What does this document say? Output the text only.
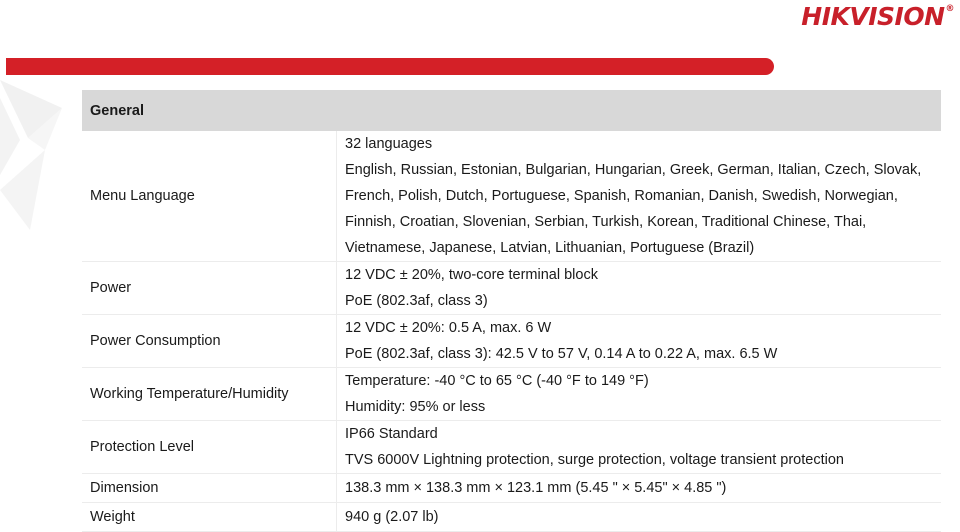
HIKVISION®
General	
Menu Language	32 languages
English, Russian, Estonian, Bulgarian, Hungarian, Greek, German, Italian, Czech, Slovak,
French, Polish, Dutch, Portuguese, Spanish, Romanian, Danish, Swedish, Norwegian,
Finnish, Croatian, Slovenian, Serbian, Turkish, Korean, Traditional Chinese, Thai,
Vietnamese, Japanese, Latvian, Lithuanian, Portuguese (Brazil)

Power	12 VDC ± 20%, two-core terminal block
PoE (802.3af, class 3)

Power Consumption	12 VDC ± 20%: 0.5 A, max. 6 W
PoE (802.3af, class 3): 42.5 V to 57 V, 0.14 A to 0.22 A, max. 6.5 W

Working Temperature/Humidity	Temperature: -40 °C to 65 °C (-40 °F to 149 °F)
Humidity: 95% or less

Protection Level	IP66 Standard
TVS 6000V Lightning protection, surge protection, voltage transient protection

Dimension	138.3 mm × 138.3 mm × 123.1 mm (5.45 " × 5.45" × 4.85 ")
Weight	940 g (2.07 lb)
